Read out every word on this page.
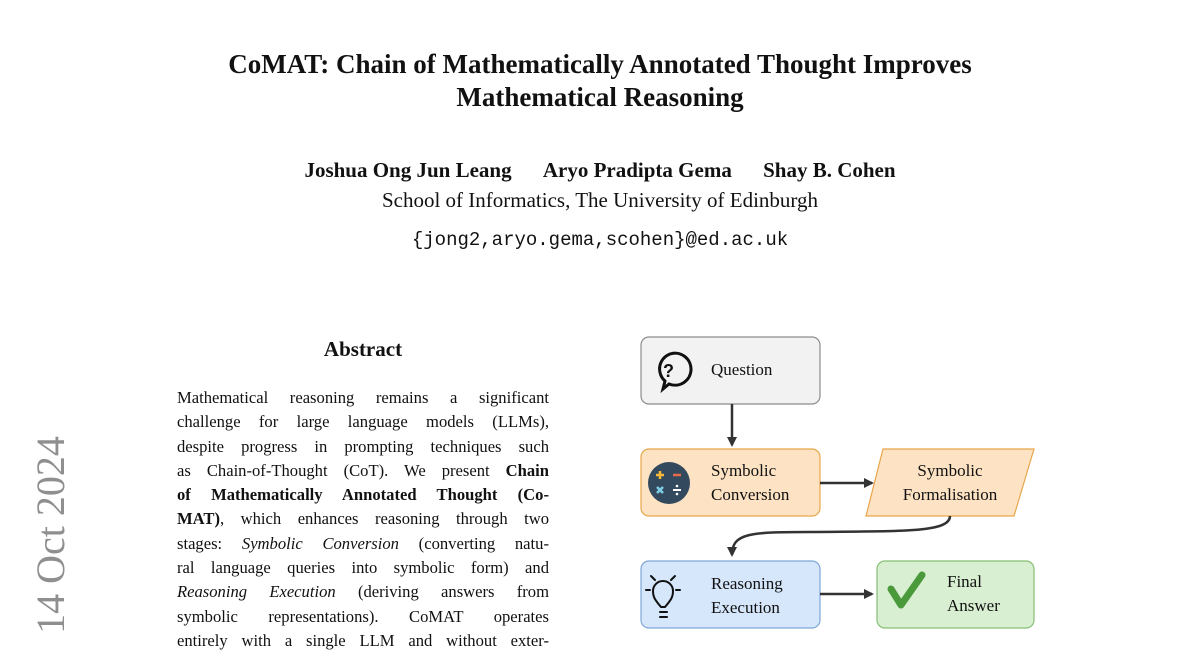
CoMAT: Chain of Mathematically Annotated Thought Improves
Mathematical Reasoning
Joshua Ong Jun Leang Aryo Pradipta Gema Shay B. Cohen
School of Informatics, The University of Edinburgh
{jong2,aryo.gema,scohen}@ed.ac.uk
14 Oct 2024
Abstract
Mathematical reasoning remains a significant
challenge for large language models (LLMs),
despite progress in prompting techniques such
as Chain-of-Thought (CoT). We present Chain
of Mathematically Annotated Thought (Co-
MAT), which enhances reasoning through two
stages: Symbolic Conversion (converting natu-
ral language queries into symbolic form) and
Reasoning Execution (deriving answers from
symbolic representations). CoMAT operates
entirely with a single LLM and without exter-
? Question
Symbolic
Conversion
Symbolic
Formalisation
Reasoning
Execution
Final
Answer
